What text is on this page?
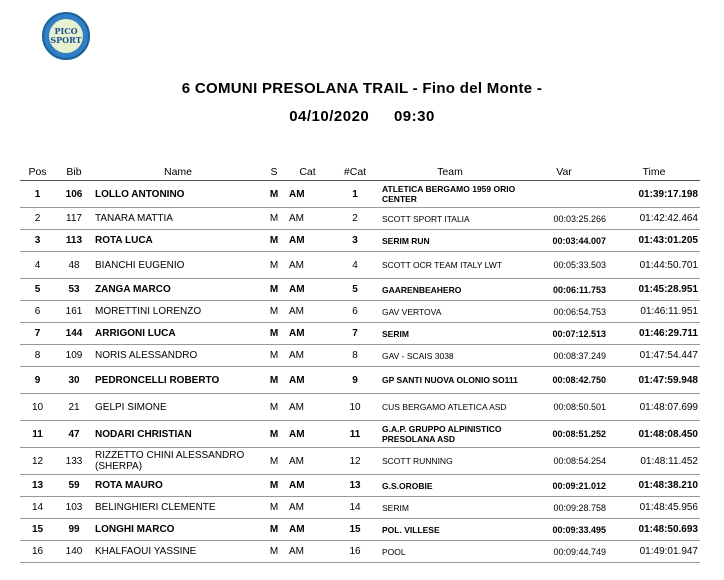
PICO
SPORT
6 COMUNI PRESOLANA TRAIL - Fino del Monte -
04/10/2020 09:30
Pos	Bib	Name	S	Cat	#Cat	Team	Var	Time
1	106	LOLLO ANTONINO	M	AM	1	ATLETICA BERGAMO 1959 ORIO CENTER		01:39:17.198
2	117	TANARA MATTIA	M	AM	2	SCOTT SPORT ITALIA	00:03:25.266	01:42:42.464
3	113	ROTA LUCA	M	AM	3	SERIM RUN	00:03:44.007	01:43:01.205
4	48	BIANCHI EUGENIO	M	AM	4	SCOTT OCR TEAM ITALY LWT	00:05:33.503	01:44:50.701
5	53	ZANGA MARCO	M	AM	5	GAARENBEAHERO	00:06:11.753	01:45:28.951
6	161	MORETTINI LORENZO	M	AM	6	GAV VERTOVA	00:06:54.753	01:46:11.951
7	144	ARRIGONI LUCA	M	AM	7	SERIM	00:07:12.513	01:46:29.711
8	109	NORIS ALESSANDRO	M	AM	8	GAV - SCAIS 3038	00:08:37.249	01:47:54.447
9	30	PEDRONCELLI ROBERTO	M	AM	9	GP SANTI NUOVA OLONIO SO111	00:08:42.750	01:47:59.948
10	21	GELPI SIMONE	M	AM	10	CUS BERGAMO ATLETICA ASD	00:08:50.501	01:48:07.699
11	47	NODARI CHRISTIAN	M	AM	11	G.A.P. GRUPPO ALPINISTICO PRESOLANA ASD	00:08:51.252	01:48:08.450
12	133	RIZZETTO CHINI ALESSANDRO (SHERPA)	M	AM	12	SCOTT RUNNING	00:08:54.254	01:48:11.452
13	59	ROTA MAURO	M	AM	13	G.S.OROBIE	00:09:21.012	01:48:38.210
14	103	BELINGHIERI CLEMENTE	M	AM	14	SERIM	00:09:28.758	01:48:45.956
15	99	LONGHI MARCO	M	AM	15	POL. VILLESE	00:09:33.495	01:48:50.693
16	140	KHALFAOUI YASSINE	M	AM	16	POOL	00:09:44.749	01:49:01.947
